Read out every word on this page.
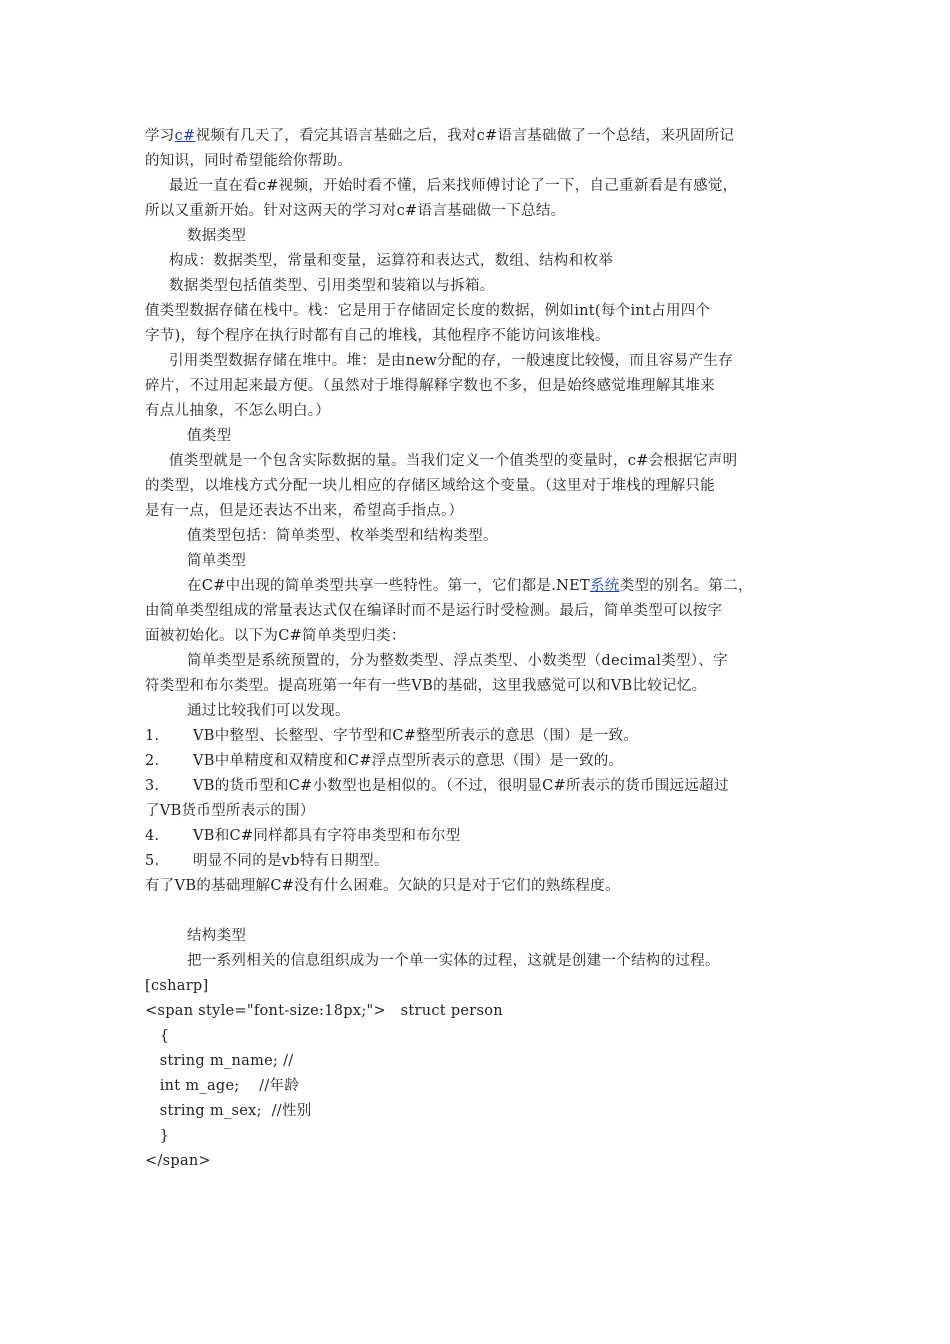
学习c#视频有几天了，看完其语言基础之后，我对c#语言基础做了一个总结，来巩固所记
的知识，同时希望能给你帮助。
最近一直在看c#视频，开始时看不懂，后来找师傅讨论了一下，自己重新看是有感觉，
所以又重新开始。针对这两天的学习对c#语言基础做一下总结。
数据类型
构成：数据类型，常量和变量，运算符和表达式，数组、结构和枚举
数据类型包括值类型、引用类型和装箱以与拆箱。
值类型数据存储在栈中。栈：它是用于存储固定长度的数据，例如int(每个int占用四个
字节)，每个程序在执行时都有自己的堆栈，其他程序不能访问该堆栈。
引用类型数据存储在堆中。堆：是由new分配的存，一般速度比较慢，而且容易产生存
碎片，不过用起来最方便。（虽然对于堆得解释字数也不多，但是始终感觉堆理解其堆来
有点儿抽象，不怎么明白。）
值类型
值类型就是一个包含实际数据的量。当我们定义一个值类型的变量时，c#会根据它声明
的类型，以堆栈方式分配一块儿相应的存储区域给这个变量。（这里对于堆栈的理解只能
是有一点，但是还表达不出来，希望高手指点。）
值类型包括：简单类型、枚举类型和结构类型。
简单类型
在C#中出现的简单类型共享一些特性。第一，它们都是.NET系统类型的别名。第二，
由简单类型组成的常量表达式仅在编译时而不是运行时受检测。最后，简单类型可以按字
面被初始化。以下为C#简单类型归类：
简单类型是系统预置的，分为整数类型、浮点类型、小数类型（decimal类型）、字
符类型和布尔类型。提高班第一年有一些VB的基础，这里我感觉可以和VB比较记忆。
通过比较我们可以发现。
1. VB中整型、长整型、字节型和C#整型所表示的意思（围）是一致。
2. VB中单精度和双精度和C#浮点型所表示的意思（围）是一致的。
3. VB的货币型和C#小数型也是相似的。（不过，很明显C#所表示的货币围远远超过
了VB货币型所表示的围）
4. VB和C#同样都具有字符串类型和布尔型
5. 明显不同的是vb特有日期型。
有了VB的基础理解C#没有什么困难。欠缺的只是对于它们的熟练程度。
结构类型
把一系列相关的信息组织成为一个单一实体的过程，这就是创建一个结构的过程。
[csharp]
<span style="font-size:18px;">   struct person
{
string m_name; //
int m_age;    //年龄
string m_sex;  //性别
}
</span>
